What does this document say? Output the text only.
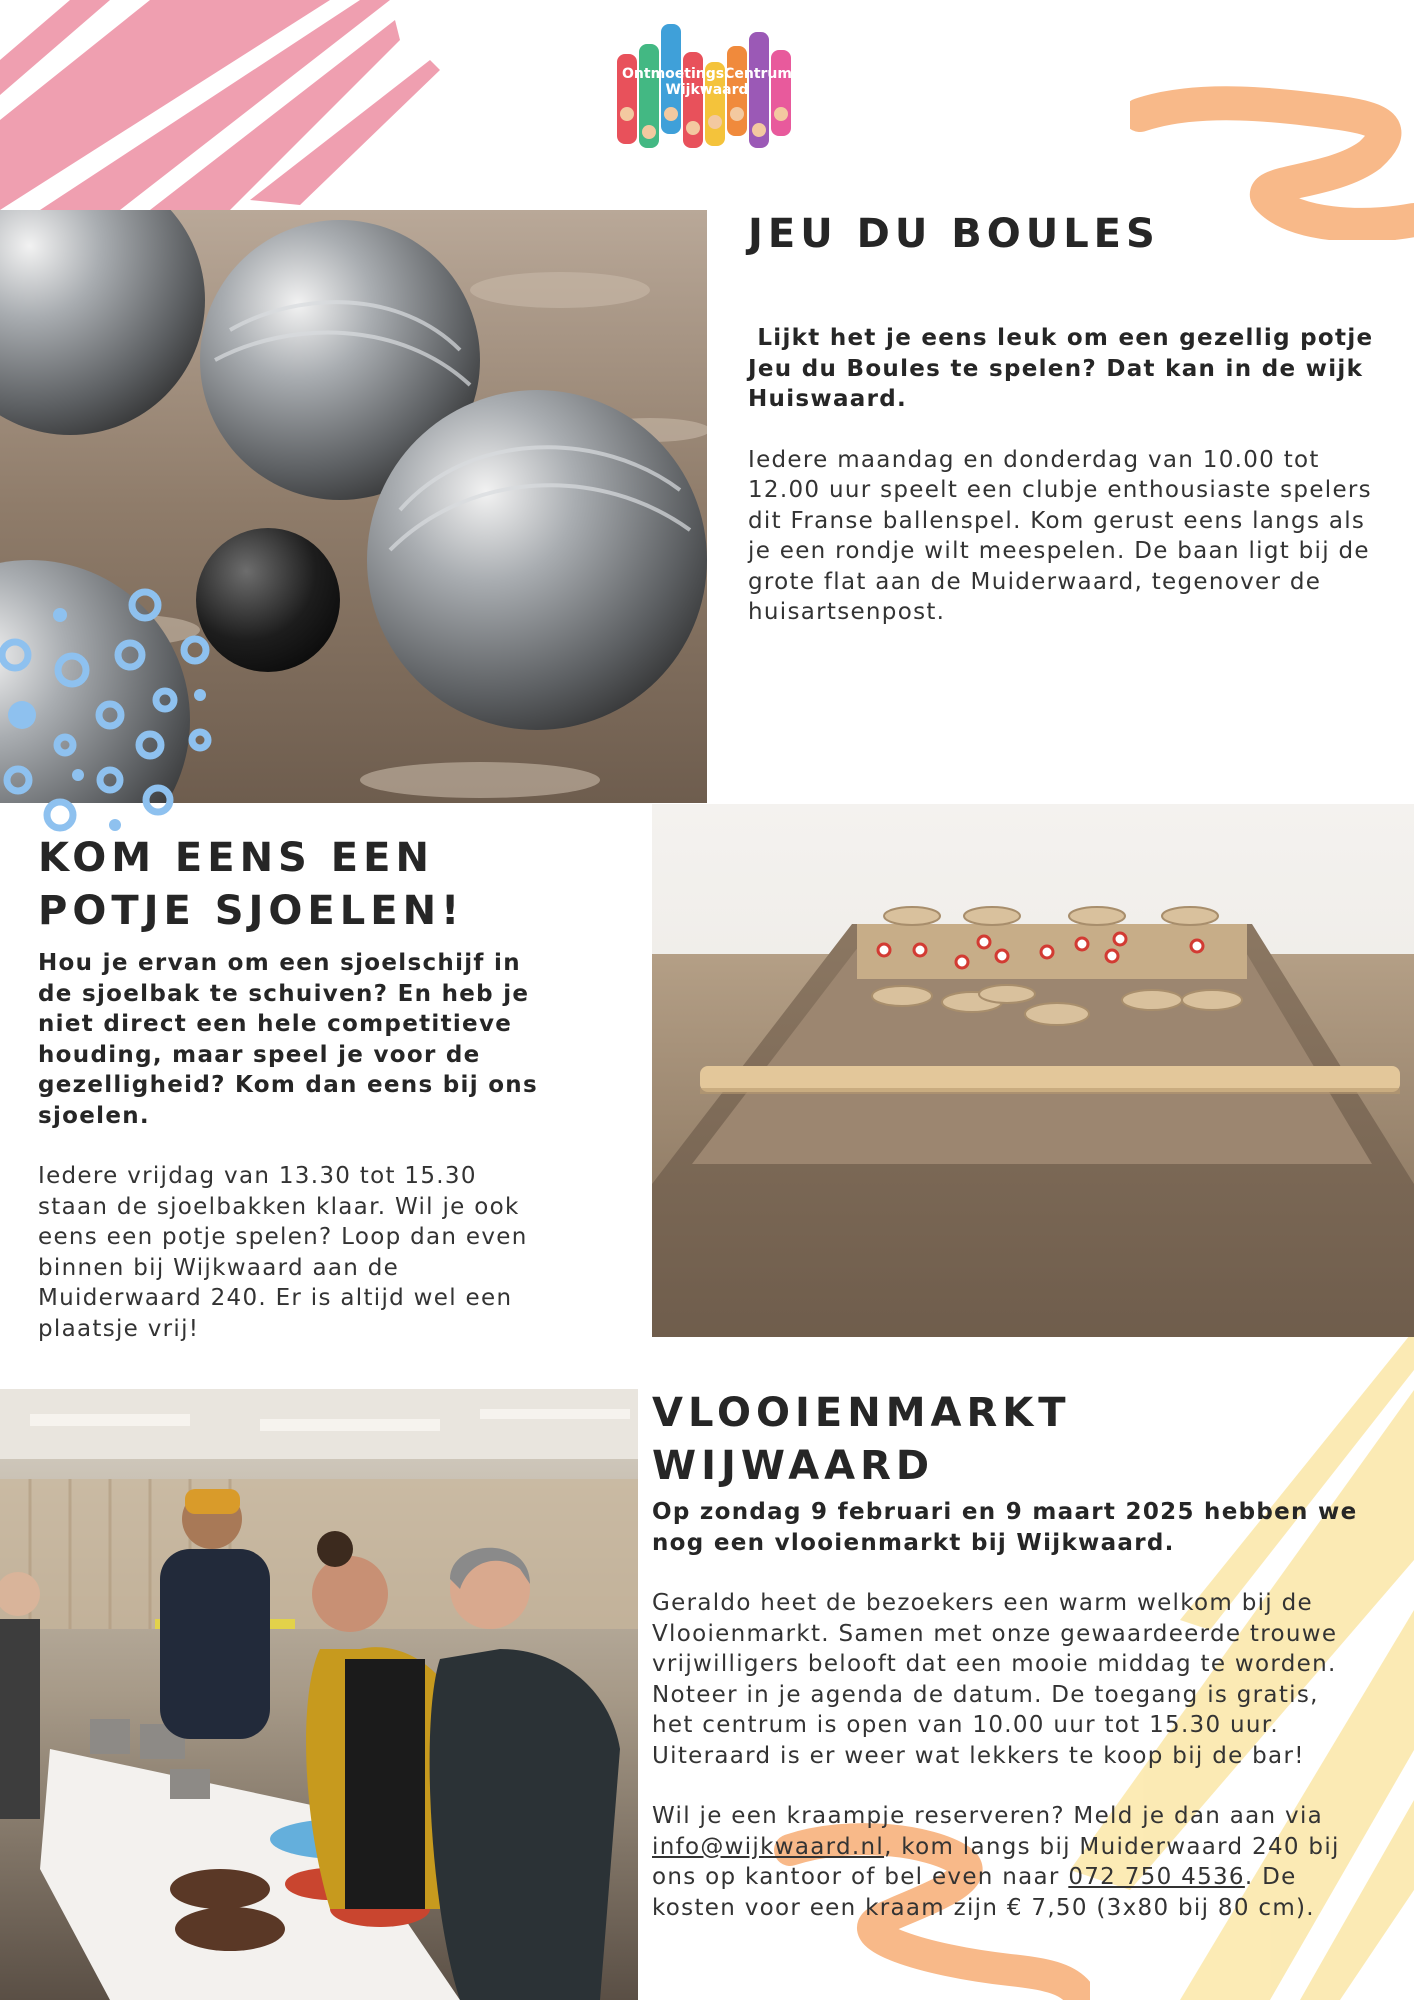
OntmoetingsCentrum
Wijkwaard
JEU DU BOULES

Lijkt het je eens leuk om een gezellig potje Jeu du Boules te spelen? Dat kan in de wijk Huiswaard.

Iedere maandag en donderdag van 10.00 tot 12.00 uur speelt een clubje enthousiaste spelers dit Franse ballenspel. Kom gerust eens langs als je een rondje wilt meespelen. De baan ligt bij de grote flat aan de Muiderwaard, tegenover de huisartsenpost.

KOM EENS EEN
POTJE SJOELEN!

Hou je ervan om een sjoelschijf in de sjoelbak te schuiven? En heb je niet direct een hele competitieve houding, maar speel je voor de gezelligheid? Kom dan eens bij ons sjoelen.

Iedere vrijdag van 13.30 tot 15.30 staan de sjoelbakken klaar. Wil je ook eens een potje spelen? Loop dan even binnen bij Wijkwaard aan de Muiderwaard 240. Er is altijd wel een plaatsje vrij!

VLOOIENMARKT WIJWAARD

Op zondag 9 februari en 9 maart 2025 hebben we nog een vlooienmarkt bij Wijkwaard.

Geraldo heet de bezoekers een warm welkom bij de Vlooienmarkt. Samen met onze gewaardeerde trouwe vrijwilligers belooft dat een mooie middag te worden. Noteer in je agenda de datum. De toegang is gratis, het centrum is open van 10.00 uur tot 15.30 uur. Uiteraard is er weer wat lekkers te koop bij de bar!

Wil je een kraampje reserveren? Meld je dan aan via info@wijkwaard.nl, kom langs bij Muiderwaard 240 bij ons op kantoor of bel even naar 072 750 4536. De kosten voor een kraam zijn € 7,50 (3x80 bij 80 cm).
